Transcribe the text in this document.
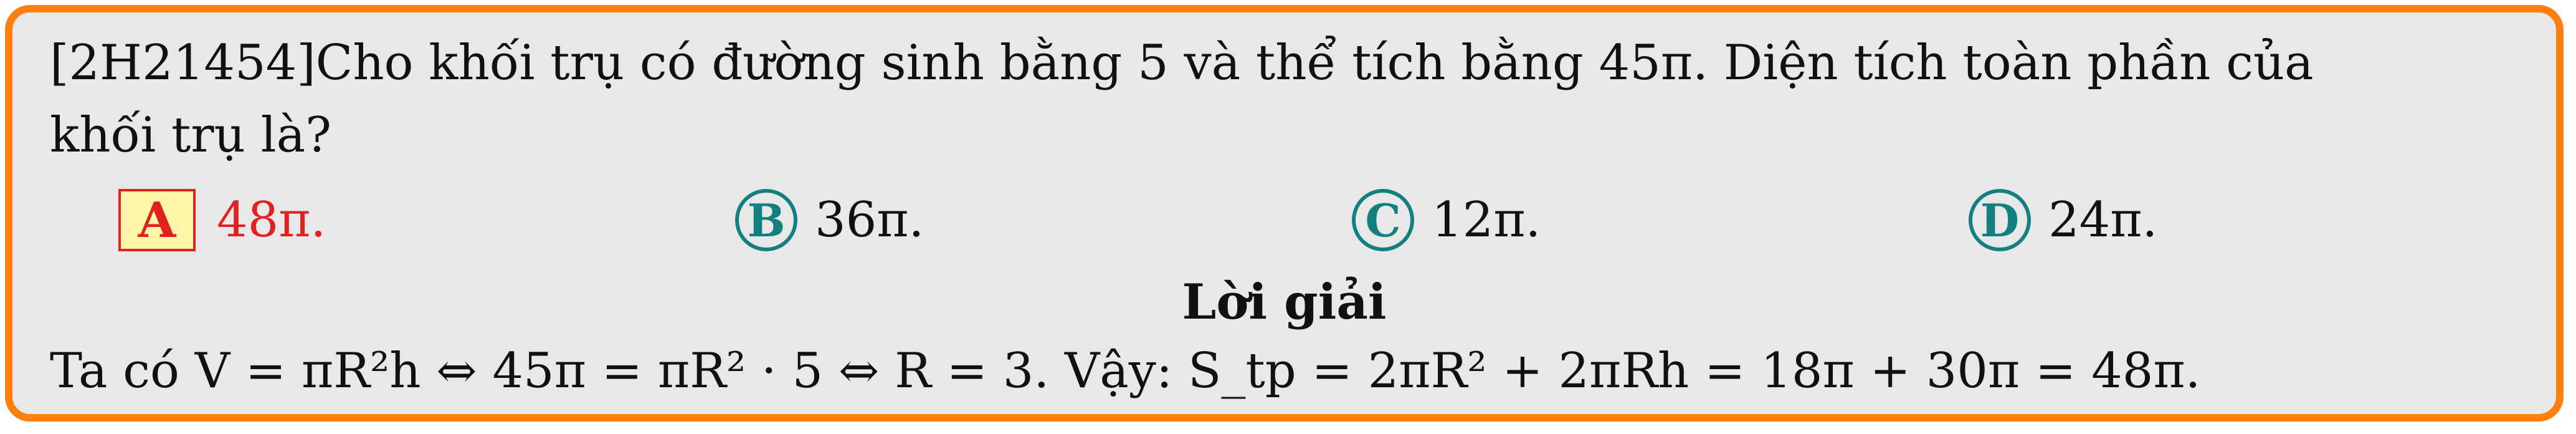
[2H21454]Cho khối trụ có đường sinh bằng 5 và thể tích bằng 45π. Diện tích toàn phần của
khối trụ là?
A 48π.	B 36π.	C 12π.	D 24π.
Lời giải
Ta có V = πR²h ⇔ 45π = πR² · 5 ⇔ R = 3. Vậy: S_tp = 2πR² + 2πRh = 18π + 30π = 48π.
